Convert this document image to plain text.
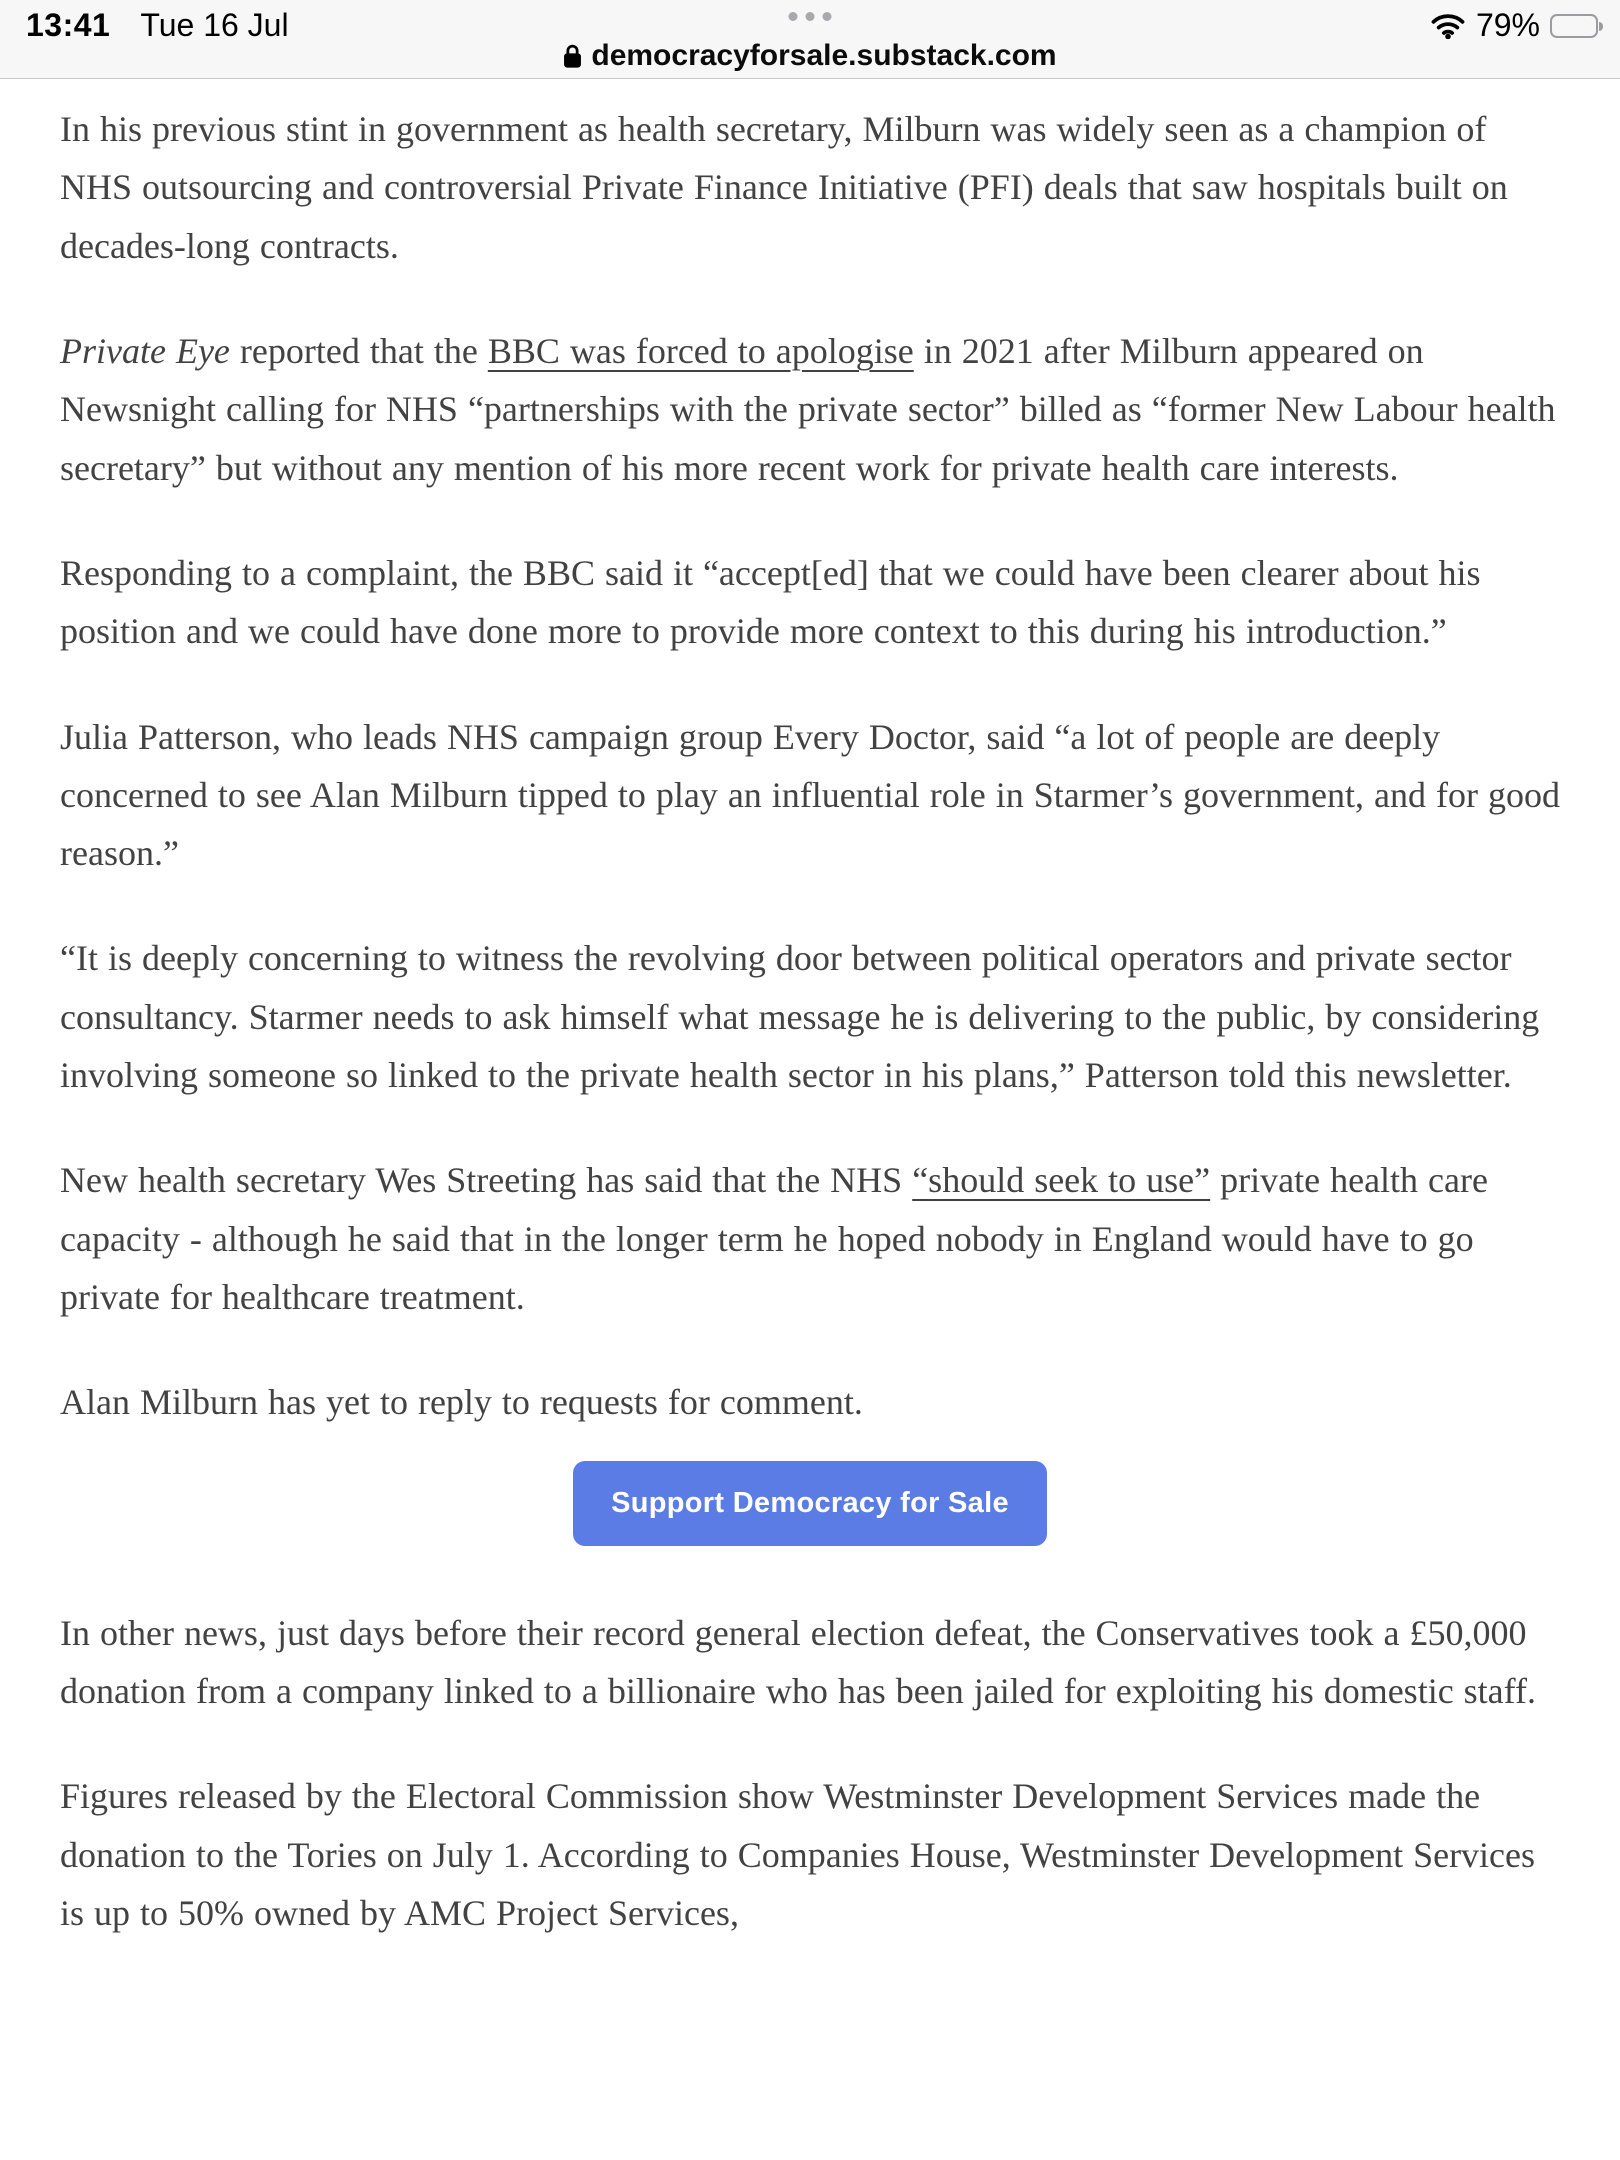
13:41 Tue 16 Jul	79%
democracyforsale.substack.com

In his previous stint in government as health secretary, Milburn was widely seen as a champion of NHS outsourcing and controversial Private Finance Initiative (PFI) deals that saw hospitals built on decades-long contracts.

Private Eye reported that the BBC was forced to apologise in 2021 after Milburn appeared on Newsnight calling for NHS “partnerships with the private sector” billed as “former New Labour health secretary” but without any mention of his more recent work for private health care interests.

Responding to a complaint, the BBC said it “accept[ed] that we could have been clearer about his position and we could have done more to provide more context to this during his introduction.”

Julia Patterson, who leads NHS campaign group Every Doctor, said “a lot of people are deeply concerned to see Alan Milburn tipped to play an influential role in Starmer’s government, and for good reason.”

“It is deeply concerning to witness the revolving door between political operators and private sector consultancy. Starmer needs to ask himself what message he is delivering to the public, by considering involving someone so linked to the private health sector in his plans,” Patterson told this newsletter.

New health secretary Wes Streeting has said that the NHS “should seek to use” private health care capacity - although he said that in the longer term he hoped nobody in England would have to go private for healthcare treatment.

Alan Milburn has yet to reply to requests for comment.

Support Democracy for Sale

In other news, just days before their record general election defeat, the Conservatives took a £50,000 donation from a company linked to a billionaire who has been jailed for exploiting his domestic staff.

Figures released by the Electoral Commission show Westminster Development Services made the donation to the Tories on July 1. According to Companies House, Westminster Development Services is up to 50% owned by AMC Project Services,
